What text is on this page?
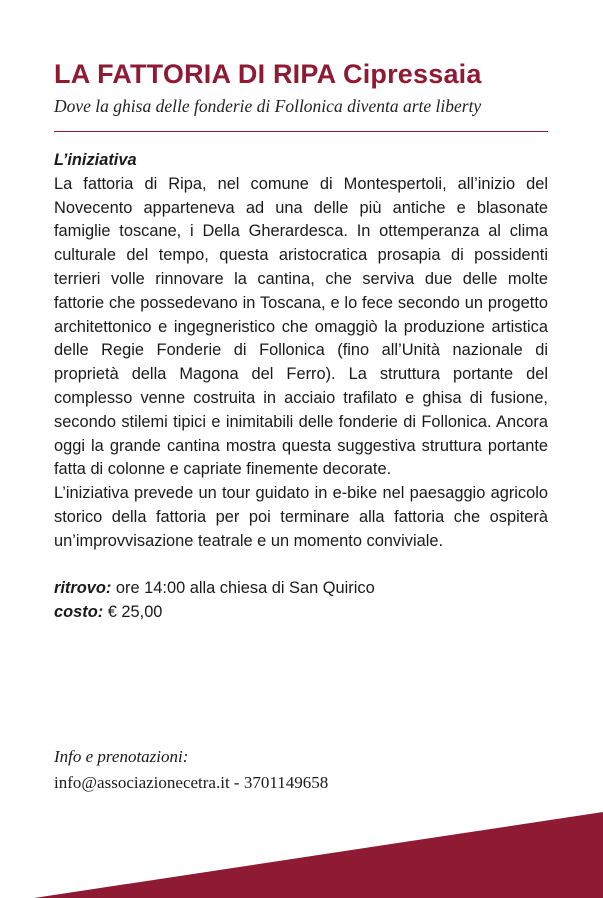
LA FATTORIA DI RIPA Cipressaia
Dove la ghisa delle fonderie di Follonica diventa arte liberty
L’iniziativa
La fattoria di Ripa, nel comune di Montespertoli, all’inizio del Novecento apparteneva ad una delle più antiche e blasonate famiglie toscane, i Della Gherardesca. In ottemperanza al clima culturale del tempo, questa aristocratica prosapia di possidenti terrieri volle rinnovare la cantina, che serviva due delle molte fattorie che possedevano in Toscana, e lo fece secondo un progetto architettonico e ingegneristico che omaggiò la produzione artistica delle Regie Fonderie di Follonica (fino all’Unità nazionale di proprietà della Magona del Ferro). La struttura portante del complesso venne costruita in acciaio trafilato e ghisa di fusione, secondo stilemi tipici e inimitabili delle fonderie di Follonica. Ancora oggi la grande cantina mostra questa suggestiva struttura portante fatta di colonne e capriate finemente decorate.
L’iniziativa prevede un tour guidato in e-bike nel paesaggio agricolo storico della fattoria per poi terminare alla fattoria che ospiterà un’improvvisazione teatrale e un momento conviviale.

ritrovo: ore 14:00 alla chiesa di San Quirico

costo: € 25,00

Info e prenotazioni:
info@associazionecetra.it - 3701149658
